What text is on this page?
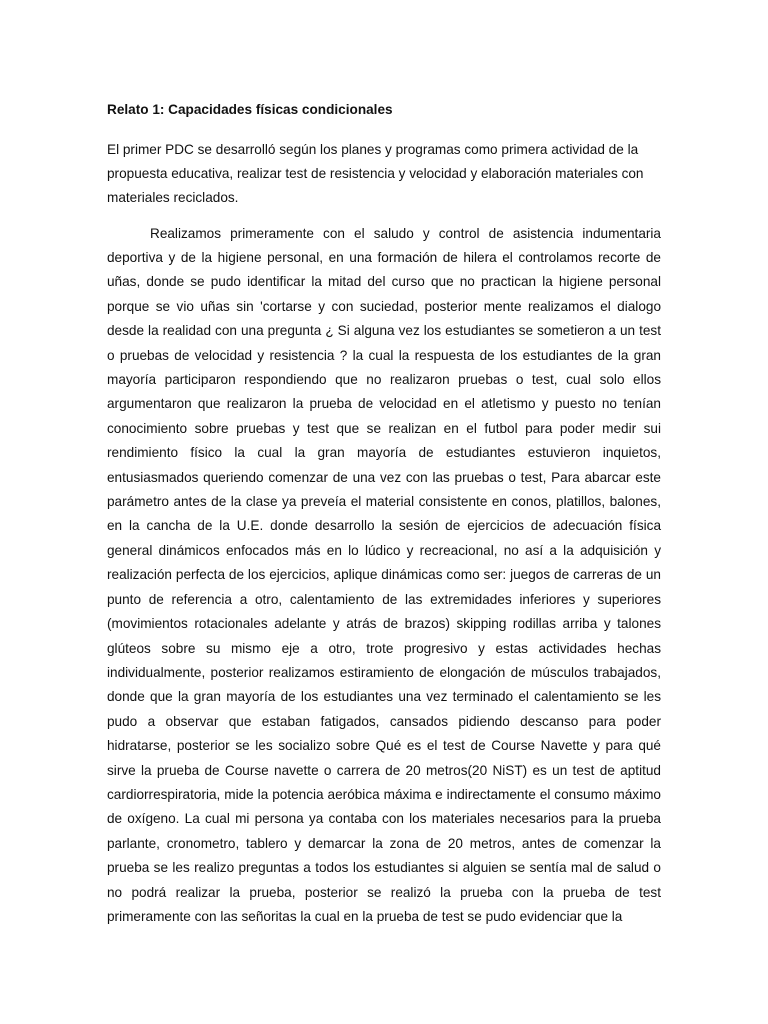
Relato 1: Capacidades físicas condicionales

El primer PDC se desarrolló según los planes y programas como primera actividad de la propuesta educativa, realizar test de resistencia y velocidad y elaboración materiales con materiales reciclados.

Realizamos primeramente con el saludo y control de asistencia indumentaria deportiva y de la higiene personal, en una formación de hilera el controlamos recorte de uñas, donde se pudo identificar la mitad del curso que no practican la higiene personal porque se vio uñas sin 'cortarse y con suciedad, posterior mente realizamos el dialogo desde la realidad con una pregunta ¿ Si alguna vez los estudiantes se sometieron a un test o pruebas de velocidad y resistencia ? la cual la respuesta de los estudiantes de la gran mayoría participaron respondiendo que no realizaron pruebas o test, cual solo ellos argumentaron que realizaron la prueba de velocidad en el atletismo y puesto no tenían conocimiento sobre pruebas y test que se realizan en el futbol para poder medir sui rendimiento físico la cual la gran mayoría de estudiantes estuvieron inquietos, entusiasmados queriendo comenzar de una vez con las pruebas o test, Para abarcar este parámetro antes de la clase ya preveía el material consistente en conos, platillos, balones, en la cancha de la U.E. donde desarrollo la sesión de ejercicios de adecuación física general dinámicos enfocados más en lo lúdico y recreacional, no así a la adquisición y realización perfecta de los ejercicios, aplique dinámicas como ser: juegos de carreras de un punto de referencia a otro, calentamiento de las extremidades inferiores y superiores (movimientos rotacionales adelante y atrás de brazos) skipping rodillas arriba y talones glúteos sobre su mismo eje a otro, trote progresivo y estas actividades hechas individualmente, posterior realizamos estiramiento de elongación de músculos trabajados, donde que la gran mayoría de los estudiantes una vez terminado el calentamiento se les pudo a observar que estaban fatigados, cansados pidiendo descanso para poder hidratarse, posterior se les socializo sobre Qué es el test de Course Navette y para qué sirve la prueba de Course navette o carrera de 20 metros(20 NiST) es un test de aptitud cardiorrespiratoria, mide la potencia aeróbica máxima e indirectamente el consumo máximo de oxígeno. La cual mi persona ya contaba con los materiales necesarios para la prueba parlante, cronometro, tablero y demarcar la zona de 20 metros, antes de comenzar la prueba se les realizo preguntas a todos los estudiantes si alguien se sentía mal de salud o no podrá realizar la prueba, posterior se realizó la prueba con la prueba de test primeramente con las señoritas la cual en la prueba de test se pudo evidenciar que la
